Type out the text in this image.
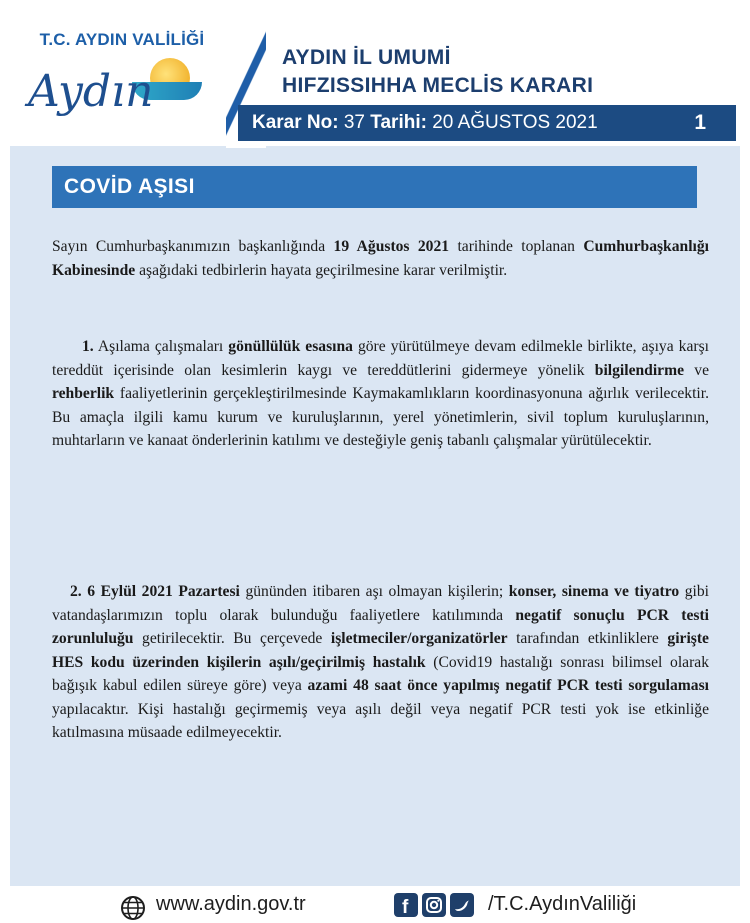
T.C. AYDIN VALİLİĞİ
Aydın
AYDIN İL UMUMİ
HIFZISSIHHA MECLİS KARARI
Karar No: 37 Tarihi: 20 AĞUSTOS 2021	1
COVİD AŞISI
Sayın Cumhurbaşkanımızın başkanlığında 19 Ağustos 2021 tarihinde toplanan Cumhurbaşkanlığı Kabinesinde aşağıdaki tedbirlerin hayata geçirilmesine karar verilmiştir.
1. Aşılama çalışmaları gönüllülük esasına göre yürütülmeye devam edilmekle birlikte, aşıya karşı tereddüt içerisinde olan kesimlerin kaygı ve tereddütlerini gidermeye yönelik bilgilendirme ve rehberlik faaliyetlerinin gerçekleştirilmesinde Kaymakamlıkların koordinasyonuna ağırlık verilecektir. Bu amaçla ilgili kamu kurum ve kuruluşlarının, yerel yönetimlerin, sivil toplum kuruluşlarının, muhtarların ve kanaat önderlerinin katılımı ve desteğiyle geniş tabanlı çalışmalar yürütülecektir.
2. 6 Eylül 2021 Pazartesi gününden itibaren aşı olmayan kişilerin; konser, sinema ve tiyatro gibi vatandaşlarımızın toplu olarak bulunduğu faaliyetlere katılımında negatif sonuçlu PCR testi zorunluluğu getirilecektir. Bu çerçevede işletmeciler/organizatörler tarafından etkinliklere girişte HES kodu üzerinden kişilerin aşılı/geçirilmiş hastalık (Covid19 hastalığı sonrası bilimsel olarak bağışık kabul edilen süreye göre) veya azami 48 saat önce yapılmış negatif PCR testi sorgulaması yapılacaktır. Kişi hastalığı geçirmemiş veya aşılı değil veya negatif PCR testi yok ise etkinliğe katılmasına müsaade edilmeyecektir.
www.aydin.gov.tr	f	/T.C.AydınValiliği
